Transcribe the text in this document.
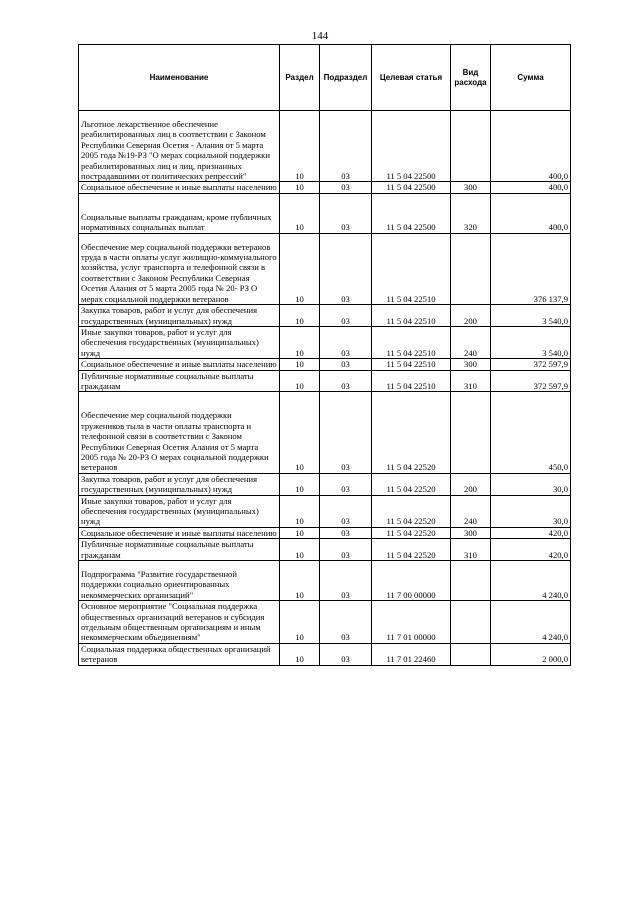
144
Наименование	Раздел	Подраздел	Целевая статья	Вид расхода	Сумма

Льготное лекарственное обеспечение реабилитированных лиц в соответствии с Законом Республики Северная Осетия - Алания от 5 марта 2005 года №19-РЗ "О мерах социальной поддержки реабилитированных лиц и лиц, признанных пострадавшими от политических репрессий"	10	03	11 5 04 22500		400,0
Социальное обеспечение и иные выплаты населению	10	03	11 5 04 22500	300	400,0

Социальные выплаты гражданам, кроме публичных нормативных социальных выплат	10	03	11 5 04 22500	320	400,0

Обеспечение мер социальной поддержки ветеранов труда в части оплаты услуг жилищно-коммунального хозяйства, услуг транспорта и телефонной связи в соответствии с Законом Республики Северная Осетия Алания от 5 марта 2005 года № 20- РЗ О мерах социальной поддержки ветеранов	10	03	11 5 04 22510		376 137,9
Закупка товаров, работ и услуг для обеспечения государственных (муниципальных) нужд	10	03	11 5 04 22510	200	3 540,0
Иные закупки товаров, работ и услуг для обеспечения государственных (муниципальных) нужд	10	03	11 5 04 22510	240	3 540,0
Социальное обеспечение и иные выплаты населению	10	03	11 5 04 22510	300	372 597,9
Публичные нормативные социальные выплаты гражданам	10	03	11 5 04 22510	310	372 597,9

Обеспечение мер социальной поддержки тружеников тыла в части оплаты транспорта и телефонной связи в соответствии с Законом Республики Северная Осетия Алания от 5 марта 2005 года № 20-РЗ О мерах социальной поддержки ветеранов	10	03	11 5 04 22520		450,0
Закупка товаров, работ и услуг для обеспечения государственных (муниципальных) нужд	10	03	11 5 04 22520	200	30,0
Иные закупки товаров, работ и услуг для обеспечения государственных (муниципальных) нужд	10	03	11 5 04 22520	240	30,0
Социальное обеспечение и иные выплаты населению	10	03	11 5 04 22520	300	420,0
Публичные нормативные социальные выплаты гражданам	10	03	11 5 04 22520	310	420,0

Подпрограмма "Развитие государственной поддержки социально ориентированных некоммерческих организаций"	10	03	11 7 00 00000		4 240,0
Основное мероприятие "Социальная поддержка общественных организаций ветеранов и субсидия отдельным общественным организациям и иным некоммерческим объединениям"	10	03	11 7 01 00000		4 240,0
Социальная поддержка общественных организаций ветеранов	10	03	11 7 01 22460		2 000,0
